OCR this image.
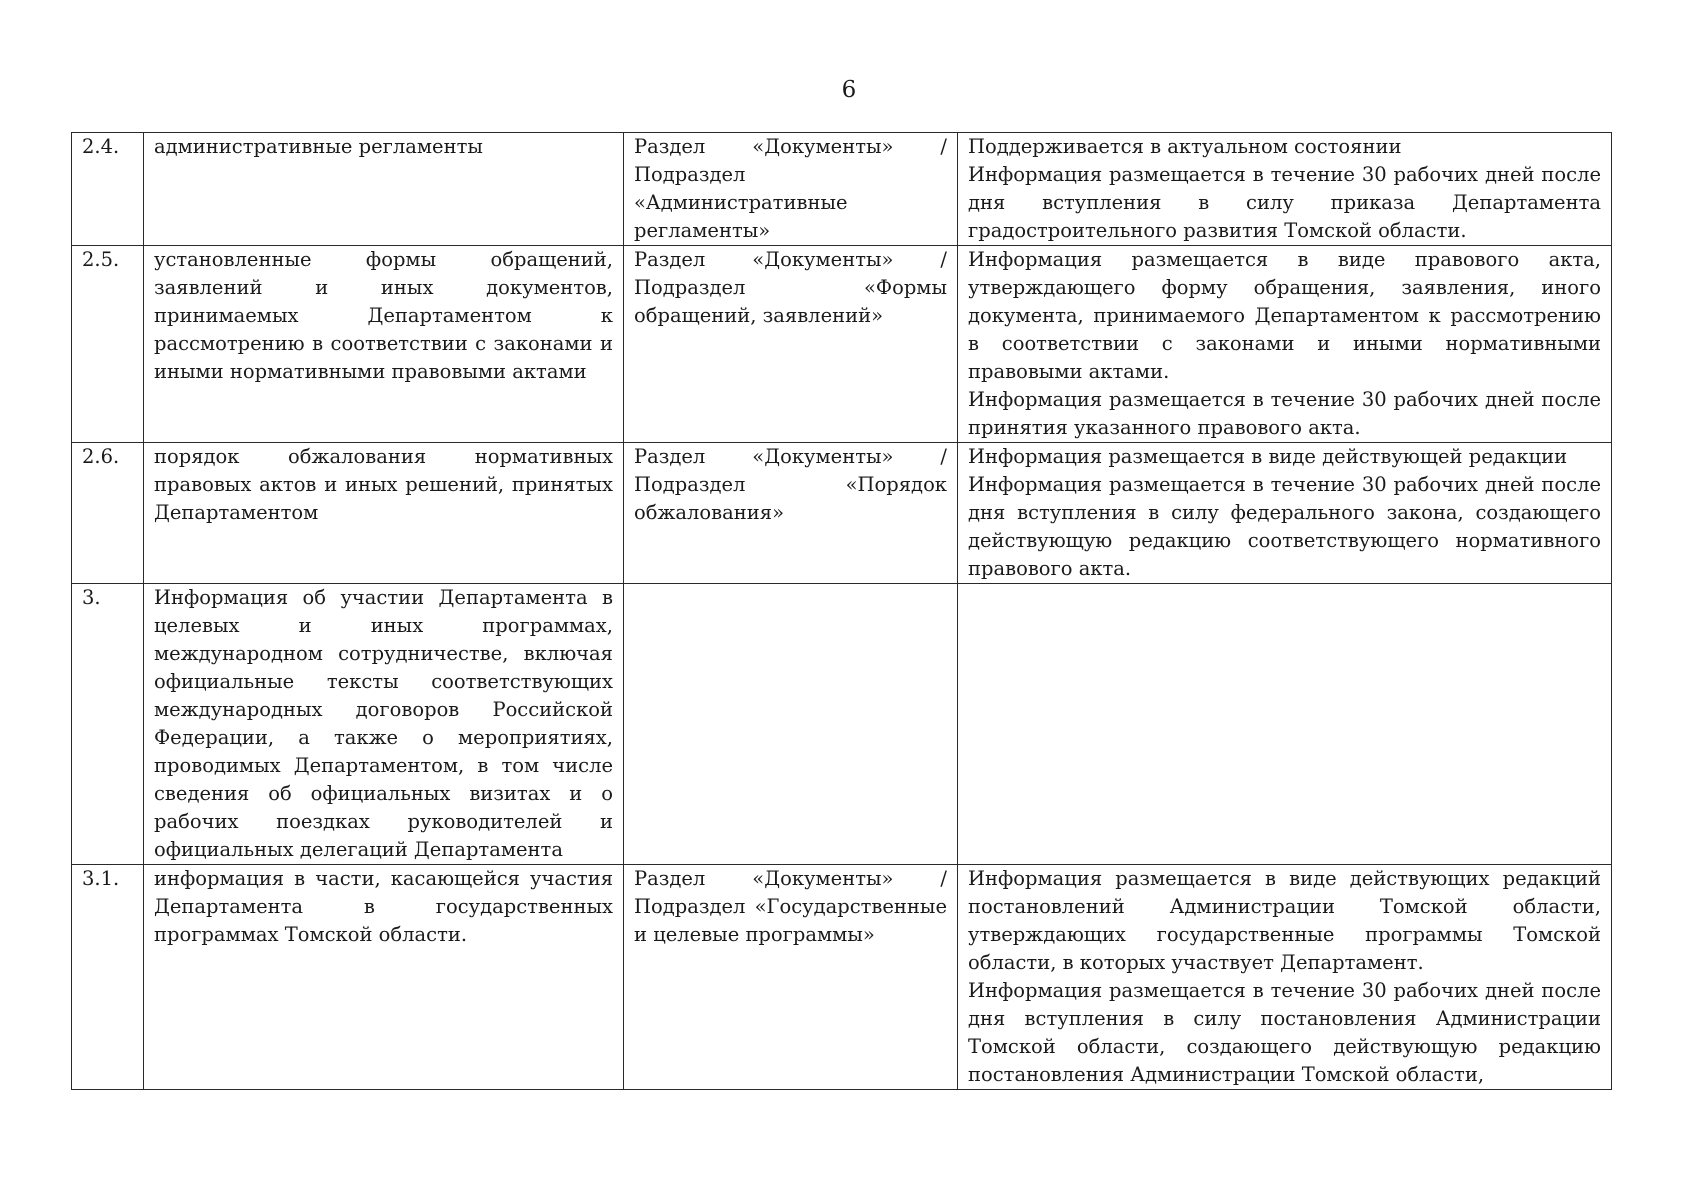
6
2.4.	административные регламенты	Раздел «Документы» / Подраздел «Административные регламенты»	Поддерживается в актуальном состоянии

Информация размещается в течение 30 рабочих дней после дня вступления в силу приказа Департамента градостроительного развития Томской области.

2.5.	установленные формы обращений, заявлений и иных документов, принимаемых Департаментом к рассмотрению в соответствии с законами и иными нормативными правовыми актами	Раздел «Документы» / Подраздел «Формы обращений, заявлений»	Информация размещается в виде правового акта, утверждающего форму обращения, заявления, иного документа, принимаемого Департаментом к рассмотрению в соответствии с законами и иными нормативными правовыми актами.

Информация размещается в течение 30 рабочих дней после принятия указанного правового акта.

2.6.	порядок обжалования нормативных правовых актов и иных решений, принятых Департаментом	Раздел «Документы» / Подраздел «Порядок обжалования»	Информация размещается в виде действующей редакции

Информация размещается в течение 30 рабочих дней после дня вступления в силу федерального закона, создающего действующую редакцию соответствующего нормативного правового акта.

3.	Информация об участии Департамента в целевых и иных программах, международном сотрудничестве, включая официальные тексты соответствующих международных договоров Российской Федерации, а также о мероприятиях, проводимых Департаментом, в том числе сведения об официальных визитах и о рабочих поездках руководителей и официальных делегаций Департамента		

3.1.	информация в части, касающейся участия Департамента в государственных программах Томской области.	Раздел «Документы» / Подраздел «Государственные и целевые программы»	Информация размещается в виде действующих редакций постановлений Администрации Томской области, утверждающих государственные программы Томской области, в которых участвует Департамент.

Информация размещается в течение 30 рабочих дней после дня вступления в силу постановления Администрации Томской области, создающего действующую редакцию постановления Администрации Томской области,
